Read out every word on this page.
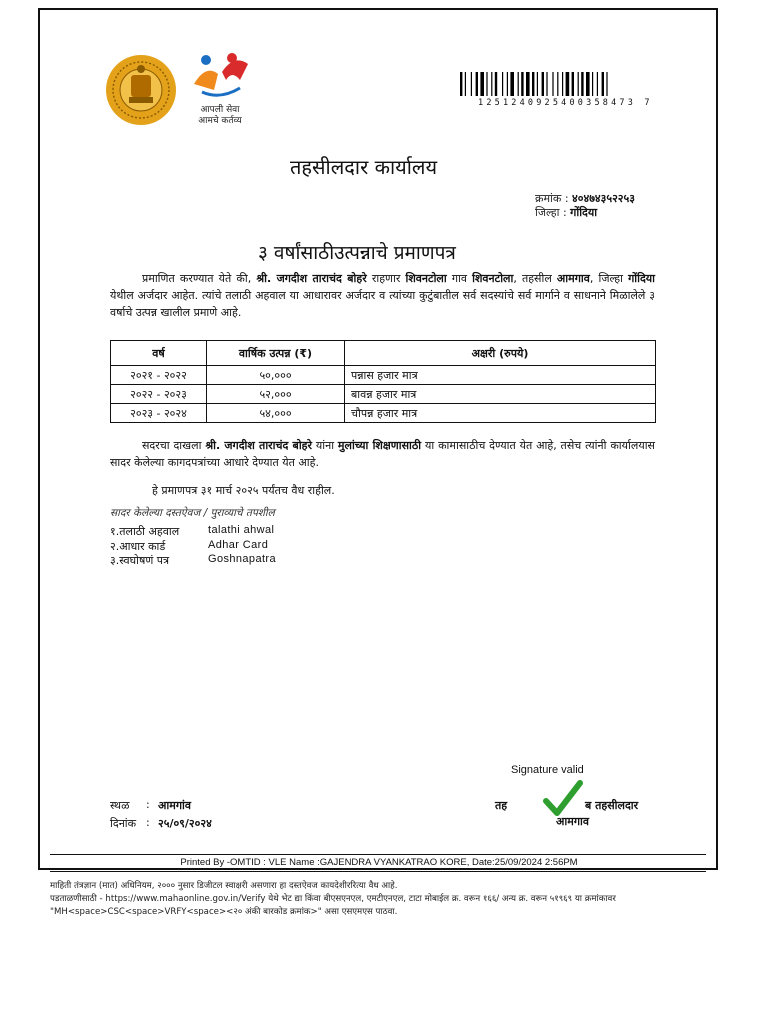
आपली सेवा
आमचे कर्तव्य
1251240925400358473 7
तहसीलदार कार्यालय
क्रमांक : ४०४७४३५२२५३
जिल्हा : गोंदिया
३ वर्षांसाठीउत्पन्नाचे प्रमाणपत्र
प्रमाणित करण्यात येते की, श्री. जगदीश ताराचंद बोहरे राहणार शिवनटोला गाव शिवनटोला, तहसील आमगाव, जिल्हा गोंदिया येथील अर्जदार आहेत. त्यांचे तलाठी अहवाल या आधारावर अर्जदार व त्यांच्या कुटुंबातील सर्व सदस्यांचे सर्व मार्गाने व साधनाने मिळालेले ३ वर्षाचे उत्पन्न खालील प्रमाणे आहे.
वर्ष	वार्षिक उत्पन्न (₹)	अक्षरी (रुपये)
२०२१ - २०२२	५०,०००	पन्नास हजार मात्र
२०२२ - २०२३	५२,०००	बावन्न हजार मात्र
२०२३ - २०२४	५४,०००	चौपन्न हजार मात्र
सदरचा दाखला श्री. जगदीश ताराचंद बोहरे यांना मुलांच्या शिक्षणासाठी या कामासाठीच देण्यात येत आहे, तसेच त्यांनी कार्यालयास सादर केलेल्या कागदपत्रांच्या आधारे देण्यात येत आहे.
हे प्रमाणपत्र ३१ मार्च २०२५ पर्यंतच वैध राहील.
सादर केलेल्या दस्तऐवज / पुराव्याचे तपशील
१.तलाठी अहवाल	talathi ahwal
२.आधार कार्ड	Adhar Card
३.स्वघोषणं पत्र	Goshnapatra
Signature valid
तह	ब तहसीलदार
आमगाव
स्थळ : आमगांव
दिनांक : २५/०९/२०२४
Printed By -OMTID : VLE Name :GAJENDRA VYANKATRAO KORE, Date:25/09/2024 2:56PM
माहिती तंत्रज्ञान (मात) अधिनियम, २००० नुसार डिजीटल स्वाक्षरी असणारा हा दस्तऐवज कायदेशीररित्या वैध आहे.
पडताळणीसाठी - https://www.mahaonline.gov.in/Verify येथे भेट द्या किंवा बीएसएनएल, एमटीएनएल, टाटा मोबाईल क्र. वरून १६६/ अन्य क्र. वरून ५१९६९ या क्रमांकावर
"MH<space>CSC<space>VRFY<space><२० अंकी बारकोड क्रमांक>" असा एसएमएस पाठवा.
